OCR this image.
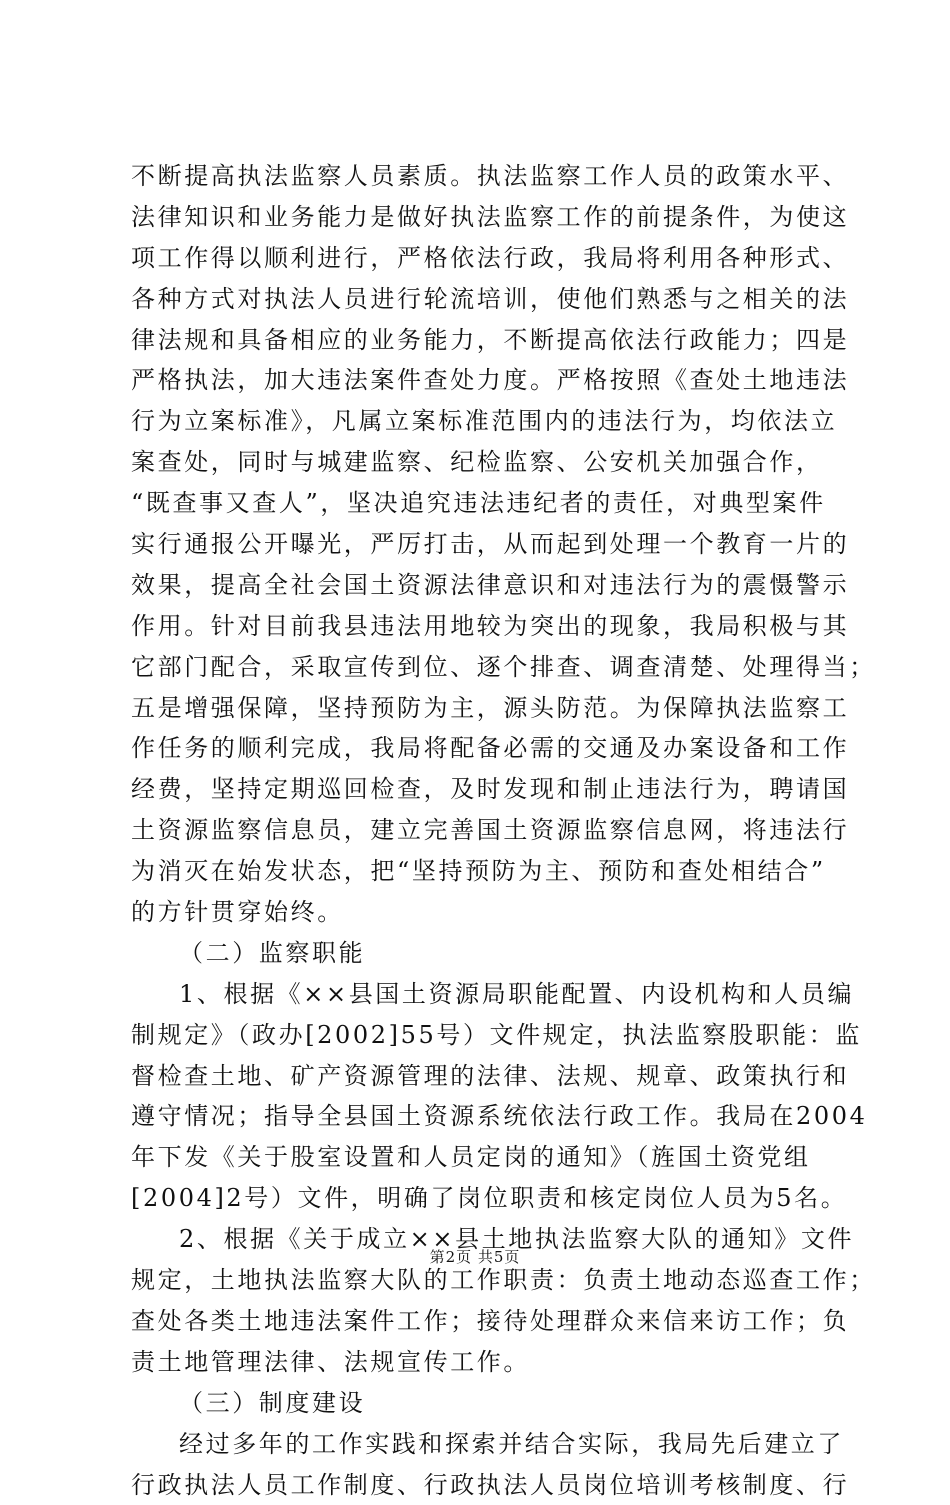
不断提高执法监察人员素质。执法监察工作人员的政策水平、
法律知识和业务能力是做好执法监察工作的前提条件，为使这
项工作得以顺利进行，严格依法行政，我局将利用各种形式、
各种方式对执法人员进行轮流培训，使他们熟悉与之相关的法
律法规和具备相应的业务能力，不断提高依法行政能力；四是
严格执法，加大违法案件查处力度。严格按照《查处土地违法
行为立案标准》，凡属立案标准范围内的违法行为，均依法立
案查处，同时与城建监察、纪检监察、公安机关加强合作，
“既查事又查人”，坚决追究违法违纪者的责任，对典型案件
实行通报公开曝光，严厉打击，从而起到处理一个教育一片的
效果，提高全社会国土资源法律意识和对违法行为的震慑警示
作用。针对目前我县违法用地较为突出的现象，我局积极与其
它部门配合，采取宣传到位、逐个排查、调查清楚、处理得当；
五是增强保障，坚持预防为主，源头防范。为保障执法监察工
作任务的顺利完成，我局将配备必需的交通及办案设备和工作
经费，坚持定期巡回检查，及时发现和制止违法行为，聘请国
土资源监察信息员，建立完善国土资源监察信息网，将违法行
为消灭在始发状态，把“坚持预防为主、预防和查处相结合”
的方针贯穿始终。
（二）监察职能
1、根据《××县国土资源局职能配置、内设机构和人员编
制规定》（政办[2002]55号）文件规定，执法监察股职能：监
督检查土地、矿产资源管理的法律、法规、规章、政策执行和
遵守情况；指导全县国土资源系统依法行政工作。我局在2004
年下发《关于股室设置和人员定岗的通知》（旌国土资党组
[2004]2号）文件，明确了岗位职责和核定岗位人员为5名。
2、根据《关于成立××县土地执法监察大队的通知》文件
规定，土地执法监察大队的工作职责：负责土地动态巡查工作；
查处各类土地违法案件工作；接待处理群众来信来访工作；负
责土地管理法律、法规宣传工作。
（三）制度建设
经过多年的工作实践和探索并结合实际，我局先后建立了
行政执法人员工作制度、行政执法人员岗位培训考核制度、行
第2页 共5页
